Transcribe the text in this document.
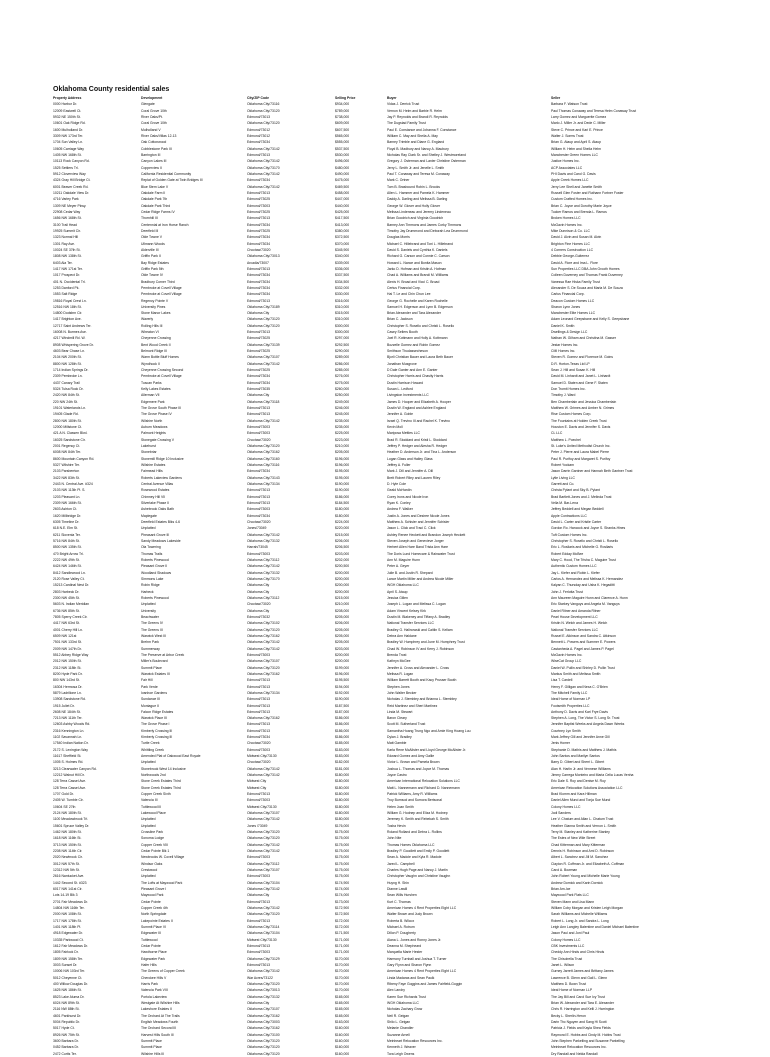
Oklahoma County residential sales
Property Address	Development	City/ZIP Code	Selling Price	Buyer	Seller
0000 Harbor Dr.	Glengate	Oklahoma City/73116	$934,000	Vidas J. Derrick Trust	Barbara F. Watson Trust
12009 Eastwell Ct.	Coral Grove 10th	Oklahoma City/73120	$789,000	Vernon M. Helm and Barbie R. Helm	Paul Thomas Conaway and Teresa Helm Conaway Trust
5932 NE 150th St.	River Oaks/Pt.	Edmond/73013	$738,000	Jay P. Reynolds and Brandi R. Reynolds	Larry Gomez and Marguerite Gomez
10601 Oak Ridge Rd.	Coral Grove 10th	Oklahoma City/73120	$609,000	The Dugstad Family Trust	Marlo J. Miller Jr. and Dede C. Miller
1600 Mulholland Dr.	Mulholland V	Edmond/73012	$607,500	Paul E. Constance and Johanna F. Constance	Steve C. Prince and Kari E. Prince
3309 NW 173rd Ter.	River Oaks/Villas 12-13	Edmond/73012	$565,000	William C. May and Sheila A. May	Walter J. Sorms Trust
1704 Sun Valley Ln.	Oak Cottonwood	Edmond/73034	$555,000	Barney Trimble and Diane G. England	Brian G. Ataup and April S. Ataup
10605 Carriage Way	Cobblestone Park III	Oklahoma City/73142	$537,500	Floyd B. Madbury and Nancy A. Maubury	William H. Helm and Sheila Helm
1405 NW 168th St.	Barrington III	Edmond/73013	$530,000	Nicholas Ray Clark Sr. and Shelley J. Westmoreland	Manchester Green Homes LLC
10113 Rock Canyon Rd.	Canyon Lakes III	Oklahoma City/73142	$496,000	Gregory J. Osterman and Lanier Christine Osterman	Justice Homes Inc.
1525 Settlers Trl.	Copperview II	Oklahoma City/73170	$480,000	Jerry L. Smith Jr. and Jenelle L. Smith	ACP Associates LLC
5912 Cloverview Way	California Residential Community	Oklahoma City/73142	$490,000	Paul T. Conaway and Teresa M. Conaway	PHI Davis and Carol G. Davis
4324 Gray Hill Bridge Ct.	Replat of Golden Gate at Twin Bridges III	Edmond/73034	$475,000	Mark C. Ortner	Apple Creek Homes LLC
6001 Beaver Creek Rd.	Blue Stem Lake V	Oklahoma City/73142	$469,500	Tom B. Brasbound Robin L. Brooks	Jerry Lee Shell and Janette Smith
10211 Oakdale View Dr.	Oakdale Farm II	Edmond/73013	$458,000	Allen L. Hammer and Pamela K. Hammer	Russell Glen Foster and Ruthann Fortner Foster
4716 Varley Park	Oakdale Park 7th	Edmond/73025	$447,000	Daddy A. Darling and Melissa B. Darling	Custom Crafted Homes Inc.
1309 NE Meyer Pkwy.	Oakdale Park Third	Edmond/73003	$440,000	George W. Glover and Holly Glover	Brian C. Joyce and Dorothy Marie Joyce
22908 Cedar Way	Cedar Ridge Farms IV	Edmond/73025	$425,000	Melissa Lindeneau and Jeremy Lindeneau	Tucker Ramos and Brenda L. Ramos
1656 NW 168th St.	Thornhill III	Edmond/73013	$417,500	Brian Goodrich and Virginia Goodrich	Broken Homes LLC
3100 Trail Head	Centennial at Iron Horse Ranch	Edmond/73034	$413,000	Barney Ann Timmons and James Corky Timmons	McGavin Homes Inc.
19925 Summit Cir.	Deerfield III	Edmond/73025	$380,000	Timothy Jay Drummond and Deborah Lea Drummond	Mike Dunnison & Co. LLC
1323 Normal Hill	Olde Towne V	Edmond/73034	$372,500	Douglas Morris	David J. Alvin and Susan M. Alvin
1301 Ray Ave.	Ullmann Woods	Edmond/73034	$370,000	Michael C. Hillebrand and Toni L. Hillebrand	Brighton Fine Homes LLC
10024 SE 37th St.	Alderville III	Choctaw/73020	$345,900	David S. Daniels and Cynthia K. Daniels	4 Corners Construction LLC
1808 NW 138th St.	Griffin Park II	Oklahoma City/73013	$340,000	Richard G. Carson and Connie C. Carson	Debbie George-Guiterrez
6403 Ala Ter.	Bay Ridge Estates	Arcadia/73007	$339,000	Howard L. Nance and Bonita Mason	David A. Flore and Ima L. Flore
1417 NW 171st Ter.	Griffin Park 5th	Edmond/73013	$336,000	Jarko D. Hofman and Kristin A. Hofman	Sun Properties LLC DBA John Grooth Homes
1017 Prospect Dr.	Olde Towne IV	Edmond/73034	$337,500	Chad A. Williams and Brandi M. Williams	Colleen Duverney and Thomas Frank Duverney
401 N. Occidental Trl.	Bradbury Corner Third	Edmond/73034	$334,500	Alexis H. Broad and Vicci C. Broad	Vanessa Rae Hiska Family Trust
1253 Danford Pk.	Pembroke at Covell Village	Edmond/73034	$332,000	Certus Financial Corp.	Alexander S. De Souza and Marla M. De Souza
1553 Salt Ridge	Pembroke at Covell Village	Edmond/73034	$330,000	Hai T. Le and Chin Chun Lee	Carlus Financial Corp.
19816 Royal Crest Ln.	Regency Pointe V	Edmond/73013	$316,000	George G. Rochelle and Karen Rochelle	Deacon Custom Homes LLC
12516 NW 18th St.	University Pines	Oklahoma City/73189	$310,000	Samuel H. Edgerson and Lynn B. Edgerson	Sharon Lynn Jones
14800 Dodsbrn Cir.	Stone Manor Lakes	Oklahoma City	$315,000	Brian Alexander and Tara Alexander	Manchester Elite Homes LLC
1417 Brighton Ave.	Waverly	Oklahoma City/73120	$310,000	Brian C. Jackson	Adam Leonard Geepsbane and Kelly S. Geepsbane
12717 Saint Andrews Ter.	Rolling Hills III	Oklahoma City/73120	$300,000	Christopher S. Rosello and Christi L. Rosello	Daniel K. Smith
16008 N. Burmes Ave.	Wheaton VI	Edmond/73013	$300,000	Casey Sellers Booth	Dwellings & Design LLC
4217 Windmill Rd. W.	Cheyenne Crossing	Edmond/73025	$297,000	Joel R. Kottmann and Holly A. Kottmann	Nathan W. Gilham and Christina M. Gasser
8908 Whispering Grove Dr.	Bent Wood Creek II	Oklahoma City/73139	$292,500	Bozzelle Gomez and Robin Gomez	Jestar Homes Inc.
4603 Bear Chase Ln.	Belmont Ridge III	Edmond/73025	$290,000	Smithson Thudassecheson	CMI Homes Inc.
2104 NW 200th St.	Warm Bottle Bluff Homes	Oklahoma City/73107	$289,000	Bjorli Christian Bauer and Laura Beth Bauer	Steven R. Gomez and Florence M. Goins
8800 NW 128th St.	Wyndhook II	Oklahoma City/73142	$286,000	Jonathan Musgrove	D.R. Horton-Texas Ltd LP
1714 Indian Springs Dr.	Cheyenne Crossing Second	Edmond/73025	$285,000	D Dale Ganter and Ann E. Ganter	Sean J. Hill and Susan K. Hill
2309 Pembroke Ln.	Pembroke at Covell Village	Edmond/73034	$276,000	Christopher Harris and Chasity Harris	David M. Linhardt and Janet L. Linhardt
4437 Canary Trail	Tuscan Parks	Edmond/73034	$275,000	Dustin Harrison Howard	Samuel D. Staten and Gene F. Staten
5324 Tulsa Rock Dr.	Kelly Lakes Estates	Edmond/73035	$260,000	Susan L. Ledford	Don Tromit Homes Inc.
2420 NW 84th St.	Allerman VII	Oklahoma City	$250,000	Livingston Investments LLC	Timothy J. Ward
220 NW 24th St.	Edgemere Park	Oklahoma City/73118	$249,000	James D. Hooper and Elizabeth A. Hooper	Ben Chamberlain and Jessica Chamberlain
19101 Waterlands Ln.	The Grove South Phase III	Edmond/73013	$246,000	Dustin W. England and Ashlee England	Matthew W. Grimes and Amber N. Grimes
19405 Glade Rd.	The Grove Phase IV	Edmond/73013	$245,000	Jennifer A. Goble	Rise Custom Homes Corp.
2800 NW 180th St.	Wilshire North	Oklahoma City/73142	$235,000	Israel Q. Trevino III and Rachel K. Trevino	The Fountains at Holden Creek Trust
12000 Millstone Ct.	Auburn Meadows	Edmond/73003	$235,000	Kevin Moll	Houston E. Davis and Jennifer S. Davis
421 A N. Classen Blvd.	Palmont Heights	Edmond/73003	$225,000	Mariposa Mettles LLC	CL LLC
16025 Sandstone Cir.	Stonegate Crossing V	Choctaw/73020	$223,000	Brad R. Stoddard and Kristi L. Stoddard	Matthew L. Poechel
2001 Regency Ct.	Lakehurst	Oklahoma City/73120	$210,000	Jeffrey P. Hedger and Alesha R. Hedger	St. Luke's United Methodist Church Inc.
6008 NW 84th Ter.	Stonebriar	Oklahoma City/73162	$205,000	Heather D. Anderson Jr. and Tina L. Anderson	Peter J. Pierre and Laura Mabel Pierre
8600 Mountain Canyon Rd.	Stonemill Ridge 10 Inclusive	Oklahoma City/73160	$196,000	Logan Glass and Hailey Glass	Paul R. Purifoy and Margaret S. Purifoy
5327 Wilshire Ter.	Wilshire Estates	Oklahoma City/73116	$196,000	Jeffrey A. Fuller	Robert Yockam
2103 Parsberrton	Fairmead Hills	Edmond/73034	$195,000	Mark J. Dill and Jennifer A. Dill	Jason Darrin Gantner and Hannah Beth Gantner Trust
3422 NW 83th St.	Roberts Lakeview Gardens	Oklahoma City/73143	$195,000	Brett Robert Riley and Lauren Riley	Lytle Living LLC
2443 N. Central Ave. #324	Central Avenue Villas	Oklahoma City/73134	$190,000	D. Hyle Cole	Garrett and Co.
2103 NW 113th Pl. S.	Rosewood Estates	Edmond/73013	$190,000	Geald McHardin	Christa Pylant and Sky B. Pylant
1203 Pleasant Ln.	Chimney Hill VII	Edmond/73013	$186,000	Corey Irons and Nicole Iron	Brad Bartlett-Jones and J. Melinda Trust
2309 NW 166th St.	Silverlake Phase II	Edmond/73013	$184,500	Ryan K. Conley	Vella M. Bar-Lena
2603 Ashton Ct.	Ashebrook Oaks Bath	Edmond/73003	$180,000	Andrea F. Walker	Jeffrey Beddell and Megan Beddell
1620 Millbridge Dr.	Maplegate	Edmond/73034	$180,000	Justin A. Jones and Desiree Nicole Jones	Apple Contractions LLC
6305 Timeline Dr.	Deerfield Estates Blks 4-6	Choctaw/73020	$224,000	Matthew A. Schisler and Jennifer Schisler	David L. Carter and Kristie Carter
618 N.E. Elm St.	Unplatted	Jones/73049	$220,000	Jason L. Click and Traci C. Click	Gordon Ro. Hancock and Joyce S. Shanks-Hines
6211 Slovenia Ter.	Pheasant Grove III	Oklahoma City/73142	$215,000	Ashley Renee Heckett and Brandon Joseph Heckett	Tuft Custom Homes Inc.
5716 NW 84th St.	Sandy Meadows Lakeside	Oklahoma City/73132	$206,000	Steven Joseph and Genevieve Jorger	Christopher S. Rosello and Christi L. Rosello
8500 NW 135th St.	Ola Towering	Harrah/73045	$206,500	Herbert Allen Hare Band Trista Ann Hare	Eric L. Rosliaris and Michelle G. Rosliaris
470 Bright Arrow Trl.	Thomas Trails	Edmond/73003	$203,000	The Doris Lund Homecare & Rainwater Trust	Robert Edday McBee
2222 NW 49th St.	Roberts Pinewood	Oklahoma City/73112	$202,000	Ann M. Maguire Hunn	Mary C. Hood, The Trisha C. Maguire Trust
6424 NW 146th St.	Pleasant Grove II	Oklahoma City/73142	$200,500	Peter A. Geyer	Authentic Custom Homes LLC
8412 Sandlewood Ln.	Woodland Shadows	Oklahoma City/73132	$200,000	Julie B. and Justin R. Shepard	Jay L. Kiefer and Robin L. Kiefer
2120 Rose Valley Ct.	Simmons Lake	Oklahoma City/73170	$200,000	Lance Martin Miller and Andrea Nicole Miller	Carlos A. Hernandez and Melissa K. Hernandez
15213 Cardinal Nest Dr.	Robin Ridge	Oklahoma City	$200,000	WGH Oklahoma LLC	Kalyan C. Thursday and Usha K. Hegaditti
2803 Harbeck Dr.	Harbeck	Oklahoma City	$200,000	April S. Ataup	John J. Ferlotta Trust
2300 NW 45th St.	Roberts Pinewood	Oklahoma City/73112	$215,000	Jessica Gillen	Ann Maureen Maguire Hunn and Clarence A. Hunn
5603 N. Indian Meridian	Unplatted	Choctaw/73020	$210,000	Joseph L. Logan and Melissa C. Logan	Eric Starkey Vanguys and Angela M. Vanguys
6736 NW 85th St.	University	Oklahoma City	$208,000	Adam Vincent Kelsey Kirk	Daniel Ritner and Amanda Ritner
7805 Sperry Creek Cir.	Beachwater	Edmond/73032	$205,000	Dustin M. Blakeney and Tiffany A. Bradley	Pearl House Development LLC
4417 NW 63rd St.	The Greens IV	Oklahoma City/73102	$206,000	National Transfer Services LLC	Kristin N. Welch and James H. Welch
4001 Cherry Hill Ln.	The Greens III	Oklahoma City/73120	$205,000	Bradley G. Halinowski and Caitlin S. Kellam	National Transfer Services LLC
6509 NW 121st	Warwick West III	Oklahoma City/73162	$205,000	Debra Ann Haldane	Russel E. Atkinson and Sandra C. Atkinson
7501 NW 133rd St.	Brehm Park	Oklahoma City/73142	$205,000	Bradley W. Humphrey and June M. Humphrey Trust	Bennett L. Powers and Summer E. Powers
2009 NW 147th Dr.	Summerway	Oklahoma City/73142	$203,000	Chad W. Robinson IV and Kerry J. Robinson	Castanheda A. Pagel and James P. Pagel
5512 Abbey Ridge Way	The Preserve at Arbor Creek	Edmond/73003	$200,000	Brenda Trost	McGavin Homes Inc.
2012 NW 150th St.	Miller's Boulevard	Oklahoma City/73107	$200,000	Kathryn McGee	WiseCat Group LLC
2312 NW 118th St.	Summit Place	Oklahoma City/73120	$199,000	Jennifer A. Cross and Alexander L. Cross	Daniel W. Pullin and Shirley D. Pullin Trust
8200 Hyde Park Dr.	Warwick Estates III	Oklahoma City/73162	$196,000	Melissa R. Logan	Markus Smith and Melissa Smith
800 NW 143rd St.	Fair Hill	Edmond/73013	$195,500	William Barrett Booth and Kacy Prusser Booth	Lisa T. Cardell
16304 Hermosa Dr.	Park Verde	Edmond/73013	$194,000	Stephen Jones	Henry F. Gilligan and Nexa C. O'Brien
5879 Ladrillone Ln.	Ivanhoe Gardens	Oklahoma City/73134	$192,000	John Walter Becker	The Mitchell Family LLC
13908 Sandstone Rd.	Sundance III	Edmond/73013	$190,000	Nicholas J. Stembley and Brianna L. Stembley	Ideal Home of Norman LP
1915 Juliet Dr.	Montague II	Edmond/73013	$187,500	Reid Martinez and Sheri Martinez	Footsmith Properties LLC
2608 NE 184th St.	Falcon Ridge Estates	Edmond/73013	$187,000	Linda M. Stewart	Anthony D. Davis and Kari Frye Davis
7213 NW 111th Ter.	Warwick Place III	Oklahoma City/73162	$186,000	Baron Cleary	Stephen A. Long, The Victor S. Long Sr. Trust
12603 Ashby Woods Rd.	The Grove Phase I	Edmond/73013	$186,000	Scott M. Sutherland Trust	Jennifer Baptist Weeks and Angela Dawn Weeks
2316 Kennington Ln.	Kimberly Crossing III	Edmond/73013	$186,000	Samantha Hoang Trung Ngo and Amie King Hoang Luu	Courtney Lyn Smith
1102 Savannah Ln.	Kimberly Crossing III	Edmond/73034	$186,000	Dylan J. Bradley	Mark Jeffrey Gill and Jennifer Anne Gill
17540 Indian Nation Dr.	Turtle Creek	Choctaw/73020	$185,000	Matt Gamble	Jenis Homer
2172 S. Lexington Way	Whittling Creek	Edmond/73003	$183,000	Karla Rene McAlister and Lloyd George McAlister Jr.	Stephanie D. Mathis and Matthew J. Mathis
11617 Sheffield St.	Amended Plat of Oakwood East Royale	Midwest City/73130	$183,000	Edward Gomez and Amy Gallie	John Santos and Marilyn Santos
1005 S. Holmes Rd.	Unplatted	Choctaw/73020	$182,000	Victor L. Brown and Pamela Brown	Barry D. Gibert and Sherri L. Gibert
3213 Clearwater Canyon Rd.	Stonebrook West 14 Inclusive	Oklahoma City/73142	$181,000	Joshua L. Thomas and Joyce M. Thomas	Alan H. Harlin Jr. and Vennese Williams
12212 Walnut Hill Dr.	Northwoods 2nd	Oklahoma City/73142	$180,000	Joyce Castro	Jimmy Carrega Monteiro and Maria Celia Lucas Venha
128 Terra Cassel Ave.	Stone Creek Estates Third	Midwest City	$180,000	American International Relocation Solutions LLC	Eric Dale S. Roy and Denise M. Roy
128 Terra Cassel Ave.	Stone Creek Estates Third	Midwest City	$180,000	Matt L. Nannemann and Richard D. Nannemann	American Relocation Solutions Association LLC
1707 Gold Dr.	Copper Creek Sixth	Edmond/73013	$180,000	Patrick Williams, Amy R. Williams	Brad Klomm and Kara Hillman
2405 W. Tumble Cir.	Valencia III	Edmond/73003	$180,000	Troy Burnsod and Sumora Bertsonal	Daniel Allen Mund and Tonja Sue Mund
10604 SE 27th	Tuttlewood III	Midwest City/73130	$180,000	Helen Joan Smith	Colony Homes LLC
2124 NW 180th St.	Lakewood Place	Oklahoma City/73107	$180,000	William G. Hodnep and Eliza M. Hodnep	Jodi Sanders
1100 Meadowbrook Trl.	Unplatted	Oklahoma City/73142	$180,000	Jeremey K. Smith and Rebekah S. Smith	Lee V. Chatum and Allan L. Chatum Trust
15601 Spruce Valley Dr.	Unplatted	Jones /73049	$176,000	Tosha Hevin	Heather Gianna Smith and Vernon L. Smith
1462 NW 180th St.	Crossline Park	Oklahoma City/73120	$175,000	Roland Rolland and Debra L. Rollins	Terry M. Stanley and Katherine Stanley
1618 NW 116th St.	Sonoma Lodge	Oklahoma City/73120	$175,000	John Nite	The Estes of New Wile Street
3713 NW 150th St.	Copper Creek VIII	Oklahoma City/73142	$175,000	Thomas Homes Oklahoma LLC	Chad Kitterman and Mary Kitterman
2208 NW 114th Cir.	Cedar Pointe Blk 1	Oklahoma City/73142	$175,000	Bradley P. Goodlett and Emily P. Goodlett	Dennis H. Robinson and Ami D. Robinson
2020 Newbrook Cir.	Newbrooks W. Covell Village	Edmond/73003	$175,000	Sean A. Madole and Kyla R. Madole	Albert L. Sanchez and Jill M. Sanchez
3012 NW 57th St.	Windsor Oaks	Oklahoma City/73112	$175,000	Jared L. Campbell	Clayton R. Coffman Jr. and Elizabeth A. Coffman
12312 NW 5th St.	Crestwood	Oklahoma City/73107	$175,000	Charles Hugh Page and Nancy J. Martin	Carol A. Bowman
2616 Nantucket Ave.	Unplatted	Edmond/73003	$175,000	Christopher Vaughn and Christine Vaughn	John Robert Young and Michelle Marie Young
1442 Second St. #323	The Lofts at Maywood Park	Oklahoma City/73104	$174,900	Huyng H. Shin	Andrew Dornick and Karin Dornick
6017 NW 141st Cir.	Pleasant Grove I	Oklahoma City/73142	$174,000	Dianne Lawill	Brian Am-Ice
Lots 14-19 Blk 3	Maywood Park	Oklahoma City	$174,000	Sean Wills Hurshen	Maywood Park Flats LLC
2701 Fair Meadows Dr.	Cedar Pointe	Edmond/73013	$173,000	Kurt C. Thomas	Steven Mann and Lisa Mann
14804 NW 116th Ter.	Copper Creek 4th	Oklahoma City/73142	$172,900	American Homes 4 Rent Properties Eight LLC	William Coby Morgan and Kristen Leigh Morgan
2000 NW 108th St.	North Springdale	Oklahoma City/73120	$172,500	Walter Brown and Judy Brown	Sarah Williams and Michelle Williams
1717 NW 178th St.	Lakepointe Estates II	Edmond/73013	$172,000	Roberta B. Wilcox	Robert L. Long Jr. and Sandra L. Long
1401 NW 118th Pl.	Summit Place VI	Oklahoma City/73114	$172,000	Michael A. Rotrum	Leigh Ann Langley Balentine and Daniel Michael Balentine
4918 Edgewater Dr.	Edgewater III	Oklahoma City/73104	$171,500	Dillon P. Dougherty	Jason Paul and Joni Paul
10335 Parkwood Ct.	Tuttlewood	Midwest City/73130	$171,000	Alana L. Jones and Ronny Jones Jr.	Colony Homes LLC
1612 Fair Meadows Dr.	Cedar Pointe	Edmond/73013	$171,000	Deanna M. Shepheard	CBK Investments LLC
1805 Fairlock Dr.	Hawthorne Place	Edmond/73003	$171,000	Marquella Marie Hester	Cheddy Ann Hinds and Chris Hinds
1809 NW 158th Ter.	Edgewater Park	Oklahoma City/73129	$170,000	Harmony Turnball and Joshua T. Turner	The Chisolrella Trust
3003 Sunset Dr.	Hafer Hills	Edmond/73013	$170,000	Gary Flynn and Sharon Flynn	Janet L. Wilson
10006 NW 103rd Ter.	The Greens of Copper Creek	Oklahoma City/73142	$170,000	American Homes 4 Rent Properties Eight LLC	Gurney Jarrett James and Brittany James
5012 Cheyenne Ct.	Cherokee Hills V	War Acres/73122	$170,000	Linda Madaras and Sean Paulk	Lawrence B. Glenn and Gail L. Glenn
400 Willow Douglas Dr.	Harris Park	Oklahoma City/73120	$170,000	Ribeny Faye Goggins and James Fairfield-Goggin	Matthew D. Bown Trust
1625 NW 186th St.	Valencia Park VIII	Oklahoma City/73013	$170,000	Alex Landry	Ideal Home of Norman LLP
8523 Lake Aluma Dr.	Portola Lakeview	Oklahoma City/73132	$165,000	Karen Sue Richards Trust	The Jay Bill and Carol Sue Ivy Trust
6024 NW 89th St.	Westgate At Wilshire Hills	Oklahoma City	$165,000	WGH Oklahoma LLC	Brian W. Alexander and Tara E. Alexander
2116 NW 88th St.	Lakeshore Estates II	Oklahoma City/73107	$165,000	Nicholas Zachary Grow	Chris R. Harrington and Kelli J. Harrington
4601 Parkhurst Dr.	The Orchard At The Trails	Oklahoma City/73162	$165,000	Neil R. Geigan	Becky L. Sherlin-Heron
5004 Republic Dr.	English Meadows Fourth	Oklahoma City/73003	$163,000	Shilo L. Geigan	Darin Thc Nguyen and Sang Hi Scott
5017 Hyde Ct.	The Orchard Second III	Oklahoma City/73162	$160,000	Melanie Chandler	Patricia J. Fields and Kayla Shea Fields
8926 NW 75th St.	Harvest Hills South III	Oklahoma City/73100	$160,000	Suzanne Arnell	Raymond E. Hobbs and Cindy M. Hobbs Trust
3600 Barbara Dr.	Summit Place	Oklahoma City/73120	$160,000	Meinheart Relocation Resources Inc.	John Stephen Parkelling and Susanne Parkelling
0452 Barbara Dr.	Summit Place	Oklahoma City/73120	$160,000	Kenneth J. Weaver	Meinheart Relocation Resources Inc.
2472 Curtis Ter.	Wilshire Hills III	Oklahoma City/73120	$160,000	Tora Leigh Owens	Dry Randall and Nelda Randall
